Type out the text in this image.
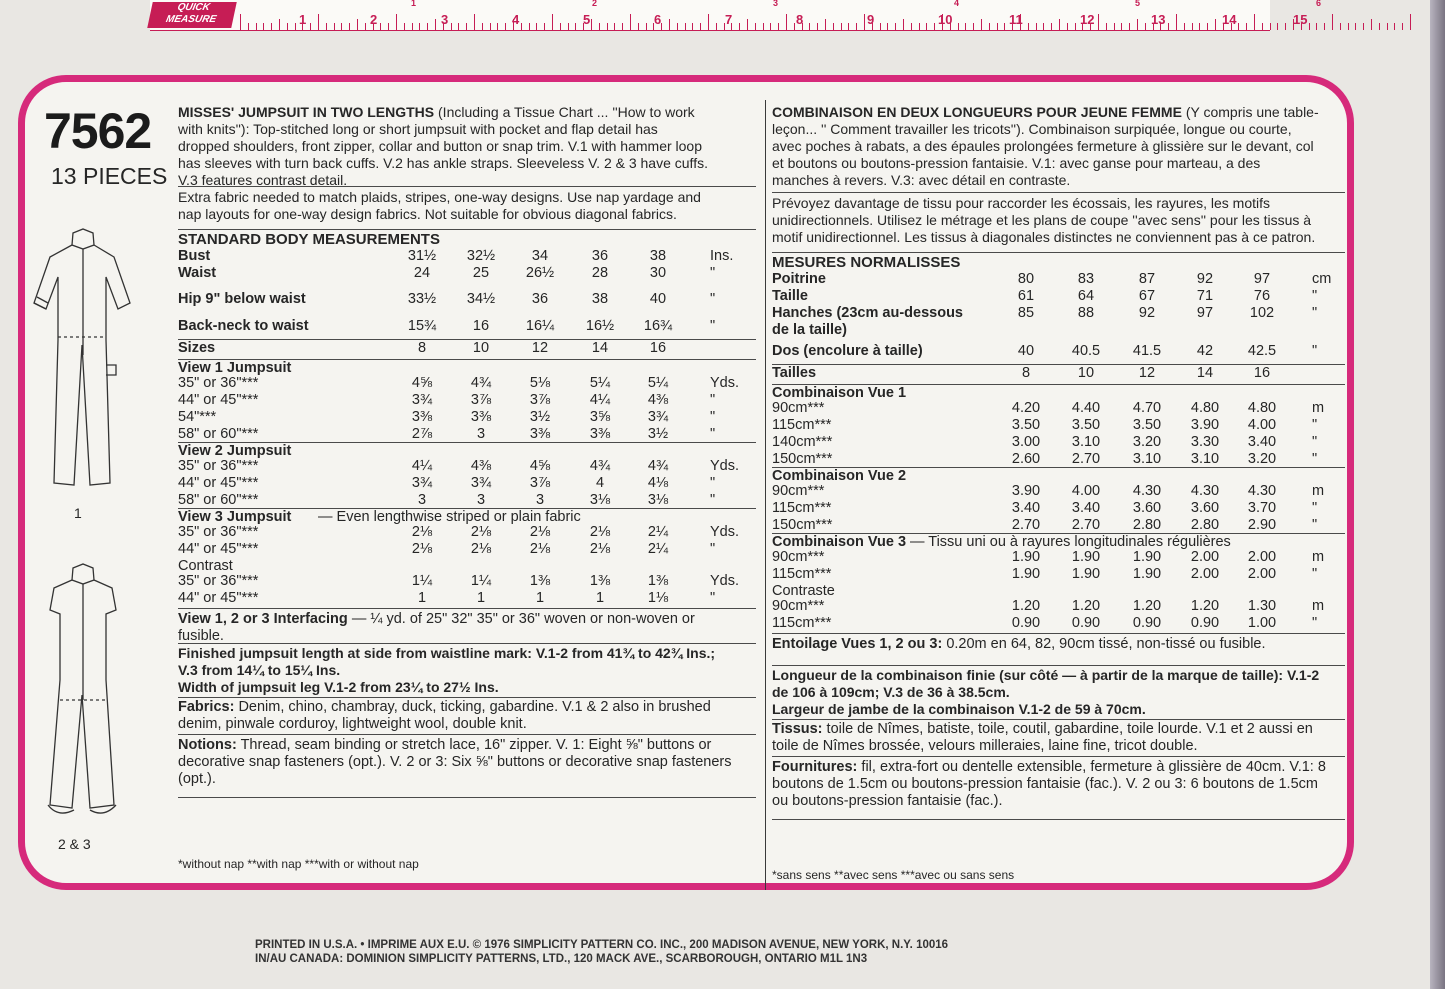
QUICK MEASURE	1	2	3	4	5	6	7	8	9	10	11	12	13	14	15
1	2	3	4	5	6
7562
13 PIECES
1
2 & 3
PRINTED IN U.S.A. • IMPRIME AUX E.U. © 1976 SIMPLICITY PATTERN CO. INC., 200 MADISON AVENUE, NEW YORK, N.Y. 10016
IN/AU CANADA: DOMINION SIMPLICITY PATTERNS, LTD., 120 MACK AVE., SCARBOROUGH, ONTARIO M1L 1N3
MISSES' JUMPSUIT IN TWO LENGTHS (Including a Tissue Chart ... ''How to work
with knits''): Top-stitched long or short jumpsuit with pocket and flap detail has
dropped shoulders, front zipper, collar and button or snap trim. V.1 with hammer loop
has sleeves with turn back cuffs. V.2 has ankle straps. Sleeveless V. 2 & 3 have cuffs.
V.3 features contrast detail.
Extra fabric needed to match plaids, stripes, one-way designs. Use nap yardage and
nap layouts for one-way design fabrics. Not suitable for obvious diagonal fabrics.
STANDARD BODY MEASUREMENTS
Bust	31½	32½	34	36	38	Ins.
Waist	24	25	26½	28	30	"
Hip 9" below waist	33½	34½	36	38	40	"
Back-neck to waist	15¾	16	16¼	16½	16¾	"
Sizes	8	10	12	14	16
View 1 Jumpsuit
35" or 36"***	4⅝	4¾	5⅛	5¼	5¼	Yds.
44" or 45"***	3¾	3⅞	3⅞	4¼	4⅜	"
54"***	3⅜	3⅜	3½	3⅝	3¾	"
58" or 60"***	2⅞	3	3⅜	3⅜	3½	"
View 2 Jumpsuit
35" or 36"***	4¼	4⅜	4⅝	4¾	4¾	Yds.
44" or 45"***	3¾	3¾	3⅞	4	4⅛	"
58" or 60"***	3	3	3	3⅛	3⅛	"
View 3 Jumpsuit — Even lengthwise striped or plain fabric
35" or 36"***	2⅛	2⅛	2⅛	2⅛	2¼	Yds.
44" or 45"***	2⅛	2⅛	2⅛	2⅛	2¼	"
Contrast
35" or 36"***	1¼	1¼	1⅜	1⅜	1⅜	Yds.
44" or 45"***	1	1	1	1	1⅛	"
View 1, 2 or 3 Interfacing — ¼ yd. of 25" 32" 35" or 36" woven or non-woven or
fusible.
Finished jumpsuit length at side from waistline mark: V.1-2 from 41¾ to 42¾ Ins.;
V.3 from 14¼ to 15¼ Ins.
Width of jumpsuit leg V.1-2 from 23¼ to 27½ Ins.
Fabrics: Denim, chino, chambray, duck, ticking, gabardine. V.1 & 2 also in brushed
denim, pinwale corduroy, lightweight wool, double knit.
Notions: Thread, seam binding or stretch lace, 16" zipper. V. 1: Eight ⅝" buttons or
decorative snap fasteners (opt.). V. 2 or 3: Six ⅝" buttons or decorative snap fasteners
(opt.).
*without nap **with nap ***with or without nap
COMBINAISON EN DEUX LONGUEURS POUR JEUNE FEMME (Y compris une table-
leçon... '' Comment travailler les tricots''). Combinaison surpiquée, longue ou courte,
avec poches à rabats, a des épaules prolongées fermeture à glissière sur le devant, col
et boutons ou boutons-pression fantaisie. V.1: avec ganse pour marteau, a des
manches à revers. V.3: avec détail en contraste.
Prévoyez davantage de tissu pour raccorder les écossais, les rayures, les motifs
unidirectionnels. Utilisez le métrage et les plans de coupe ''avec sens'' pour les tissus à
motif unidirectionnel. Les tissus à diagonales distinctes ne conviennent pas à ce patron.
MESURES NORMALISSES
Poitrine	80	83	87	92	97	cm
Taille	61	64	67	71	76	"
Hanches (23cm au-dessous	85	88	92	97	102	"
de la taille)
Dos (encolure à taille)	40	40.5	41.5	42	42.5	"
Tailles	8	10	12	14	16
Combinaison Vue 1
90cm***	4.20	4.40	4.70	4.80	4.80	m
115cm***	3.50	3.50	3.50	3.90	4.00	"
140cm***	3.00	3.10	3.20	3.30	3.40	"
150cm***	2.60	2.70	3.10	3.10	3.20	"
Combinaison Vue 2
90cm***	3.90	4.00	4.30	4.30	4.30	m
115cm***	3.40	3.40	3.60	3.60	3.70	"
150cm***	2.70	2.70	2.80	2.80	2.90	"
Combinaison Vue 3 — Tissu uni ou à rayures longitudinales régulières
90cm***	1.90	1.90	1.90	2.00	2.00	m
115cm***	1.90	1.90	1.90	2.00	2.00	"
Contraste
90cm***	1.20	1.20	1.20	1.20	1.30	m
115cm***	0.90	0.90	0.90	0.90	1.00	"
Entoilage Vues 1, 2 ou 3: 0.20m en 64, 82, 90cm tissé, non-tissé ou fusible.
Longueur de la combinaison finie (sur côté — à partir de la marque de taille): V.1-2
de 106 à 109cm; V.3 de 36 à 38.5cm.
Largeur de jambe de la combinaison V.1-2 de 59 à 70cm.
Tissus: toile de Nîmes, batiste, toile, coutil, gabardine, toile lourde. V.1 et 2 aussi en
toile de Nîmes brossée, velours milleraies, laine fine, tricot double.
Fournitures: fil, extra-fort ou dentelle extensible, fermeture à glissière de 40cm. V.1: 8
boutons de 1.5cm ou boutons-pression fantaisie (fac.). V. 2 ou 3: 6 boutons de 1.5cm
ou boutons-pression fantaisie (fac.).
*sans sens **avec sens ***avec ou sans sens
